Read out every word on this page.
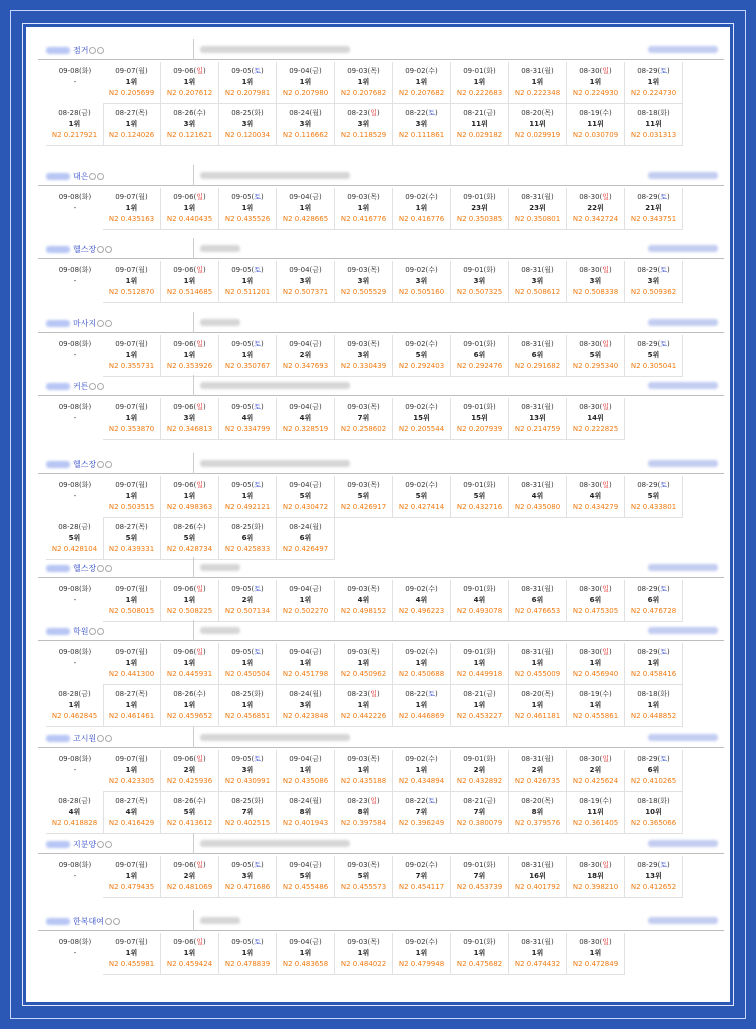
점거
09-08(화)
-
09-07(월)
1위
N2 0.205699
09-06(일)
1위
N2 0.207612
09-05(토)
1위
N2 0.207981
09-04(금)
1위
N2 0.207980
09-03(목)
1위
N2 0.207682
09-02(수)
1위
N2 0.207682
09-01(화)
1위
N2 0.222683
08-31(월)
1위
N2 0.222348
08-30(일)
1위
N2 0.224930
08-29(토)
1위
N2 0.224730
08-28(금)
1위
N2 0.217921
08-27(목)
1위
N2 0.124026
08-26(수)
3위
N2 0.121621
08-25(화)
3위
N2 0.120034
08-24(월)
3위
N2 0.116662
08-23(일)
3위
N2 0.118529
08-22(토)
3위
N2 0.111861
08-21(금)
11위
N2 0.029182
08-20(목)
11위
N2 0.029919
08-19(수)
11위
N2 0.030709
08-18(화)
11위
N2 0.031313
대은
09-08(화)
-
09-07(월)
1위
N2 0.435163
09-06(일)
1위
N2 0.440435
09-05(토)
1위
N2 0.435526
09-04(금)
1위
N2 0.428665
09-03(목)
1위
N2 0.416776
09-02(수)
1위
N2 0.416776
09-01(화)
23위
N2 0.350385
08-31(월)
23위
N2 0.350801
08-30(일)
22위
N2 0.342724
08-29(토)
21위
N2 0.343751
헬스장
09-08(화)
-
09-07(월)
1위
N2 0.512870
09-06(일)
1위
N2 0.514685
09-05(토)
1위
N2 0.511201
09-04(금)
3위
N2 0.507371
09-03(목)
3위
N2 0.505529
09-02(수)
3위
N2 0.505160
09-01(화)
3위
N2 0.507325
08-31(월)
3위
N2 0.508612
08-30(일)
3위
N2 0.508338
08-29(토)
3위
N2 0.509362
마사지
09-08(화)
-
09-07(월)
1위
N2 0.355731
09-06(일)
1위
N2 0.353926
09-05(토)
1위
N2 0.350767
09-04(금)
2위
N2 0.347693
09-03(목)
3위
N2 0.330439
09-02(수)
5위
N2 0.292403
09-01(화)
6위
N2 0.292476
08-31(월)
6위
N2 0.291682
08-30(일)
5위
N2 0.295340
08-29(토)
5위
N2 0.305041
커튼
09-08(화)
-
09-07(월)
1위
N2 0.353870
09-06(일)
3위
N2 0.346813
09-05(토)
4위
N2 0.334799
09-04(금)
4위
N2 0.328519
09-03(목)
7위
N2 0.258602
09-02(수)
15위
N2 0.205544
09-01(화)
15위
N2 0.207939
08-31(월)
13위
N2 0.214759
08-30(일)
14위
N2 0.222825
헬스장
09-08(화)
-
09-07(월)
1위
N2 0.503515
09-06(일)
1위
N2 0.498363
09-05(토)
1위
N2 0.492121
09-04(금)
5위
N2 0.430472
09-03(목)
5위
N2 0.426917
09-02(수)
5위
N2 0.427414
09-01(화)
5위
N2 0.432716
08-31(월)
4위
N2 0.435080
08-30(일)
4위
N2 0.434279
08-29(토)
5위
N2 0.433801
08-28(금)
5위
N2 0.428104
08-27(목)
5위
N2 0.439331
08-26(수)
5위
N2 0.428734
08-25(화)
6위
N2 0.425833
08-24(월)
6위
N2 0.426497
헬스장
09-08(화)
-
09-07(월)
1위
N2 0.508015
09-06(일)
1위
N2 0.508225
09-05(토)
2위
N2 0.507134
09-04(금)
1위
N2 0.502270
09-03(목)
4위
N2 0.498152
09-02(수)
4위
N2 0.496223
09-01(화)
4위
N2 0.493078
08-31(월)
6위
N2 0.476653
08-30(일)
6위
N2 0.475305
08-29(토)
6위
N2 0.476728
학원
09-08(화)
-
09-07(월)
1위
N2 0.441300
09-06(일)
1위
N2 0.445931
09-05(토)
1위
N2 0.450504
09-04(금)
1위
N2 0.451798
09-03(목)
1위
N2 0.450962
09-02(수)
1위
N2 0.450688
09-01(화)
1위
N2 0.449918
08-31(월)
1위
N2 0.455009
08-30(일)
1위
N2 0.456940
08-29(토)
1위
N2 0.458416
08-28(금)
1위
N2 0.462845
08-27(목)
1위
N2 0.461461
08-26(수)
1위
N2 0.459652
08-25(화)
1위
N2 0.456851
08-24(월)
3위
N2 0.423848
08-23(일)
1위
N2 0.442226
08-22(토)
1위
N2 0.446869
08-21(금)
1위
N2 0.453227
08-20(목)
1위
N2 0.461181
08-19(수)
1위
N2 0.455861
08-18(화)
1위
N2 0.448852
고시원
09-08(화)
-
09-07(월)
1위
N2 0.423305
09-06(일)
2위
N2 0.425936
09-05(토)
3위
N2 0.430991
09-04(금)
1위
N2 0.435086
09-03(목)
1위
N2 0.435188
09-02(수)
1위
N2 0.434894
09-01(화)
2위
N2 0.432892
08-31(월)
2위
N2 0.426735
08-30(일)
2위
N2 0.425624
08-29(토)
6위
N2 0.410265
08-28(금)
4위
N2 0.418828
08-27(목)
4위
N2 0.416429
08-26(수)
5위
N2 0.413612
08-25(화)
7위
N2 0.402515
08-24(월)
8위
N2 0.401943
08-23(일)
8위
N2 0.397584
08-22(토)
7위
N2 0.396249
08-21(금)
7위
N2 0.380079
08-20(목)
8위
N2 0.379576
08-19(수)
11위
N2 0.361405
08-18(화)
10위
N2 0.365066
지분양
09-08(화)
-
09-07(월)
1위
N2 0.479435
09-06(일)
2위
N2 0.481069
09-05(토)
3위
N2 0.471686
09-04(금)
5위
N2 0.455486
09-03(목)
5위
N2 0.455573
09-02(수)
7위
N2 0.454117
09-01(화)
7위
N2 0.453739
08-31(월)
16위
N2 0.401792
08-30(일)
18위
N2 0.398210
08-29(토)
13위
N2 0.412652
한복대여
09-08(화)
-
09-07(월)
1위
N2 0.455981
09-06(일)
1위
N2 0.459424
09-05(토)
1위
N2 0.478839
09-04(금)
1위
N2 0.483658
09-03(목)
1위
N2 0.484022
09-02(수)
1위
N2 0.479948
09-01(화)
1위
N2 0.475682
08-31(월)
1위
N2 0.474432
08-30(일)
1위
N2 0.472849
